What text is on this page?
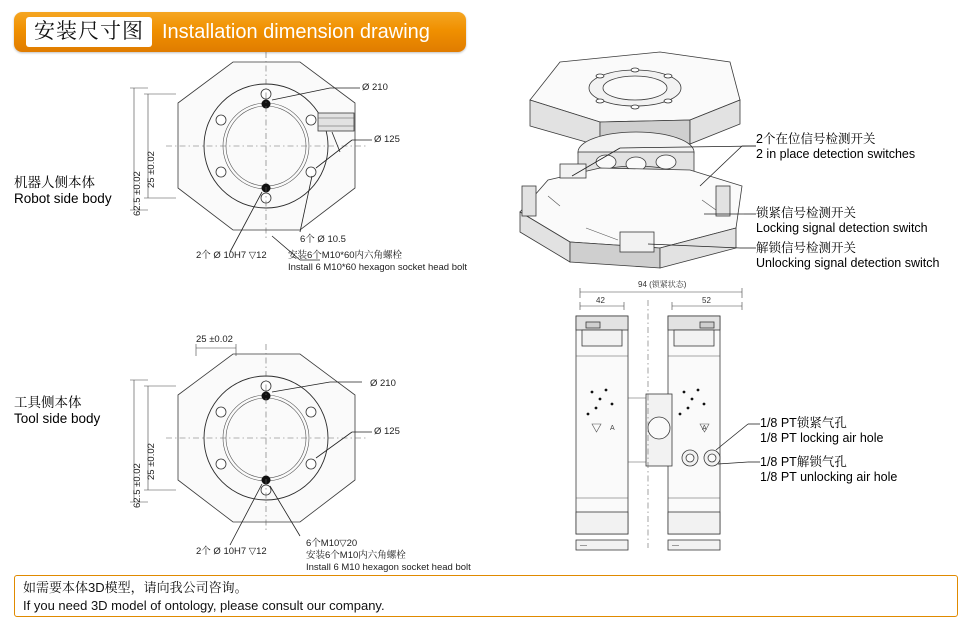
安装尺寸图 Installation dimension drawing
机器人侧本体
Robot side body
工具侧本体
Tool side body
Ø 210
Ø 125
6个 Ø 10.5
2个 Ø 10H7 ▽12
25 ±0.02
62.5 ±0.02
安装6个M10*60内六角螺栓
Install 6 M10*60 hexagon socket head bolt
Ø 210
Ø 125
25 ±0.02
25 ±0.02
62.5 ±0.02
2个 Ø 10H7 ▽12
6个M10▽20
安装6个M10内六角螺栓
Install 6 M10 hexagon socket head bolt
94 (锁紧状态)
42	52
A	A
—	—
2个在位信号检测开关
2 in place detection switches
锁紧信号检测开关
Locking signal detection switch
解锁信号检测开关
Unlocking signal detection switch
1/8 PT锁紧气孔
1/8 PT locking air hole
1/8 PT解锁气孔
1/8 PT unlocking air hole
如需要本体3D模型，请向我公司咨询。
If you need 3D model of ontology, please consult our company.
